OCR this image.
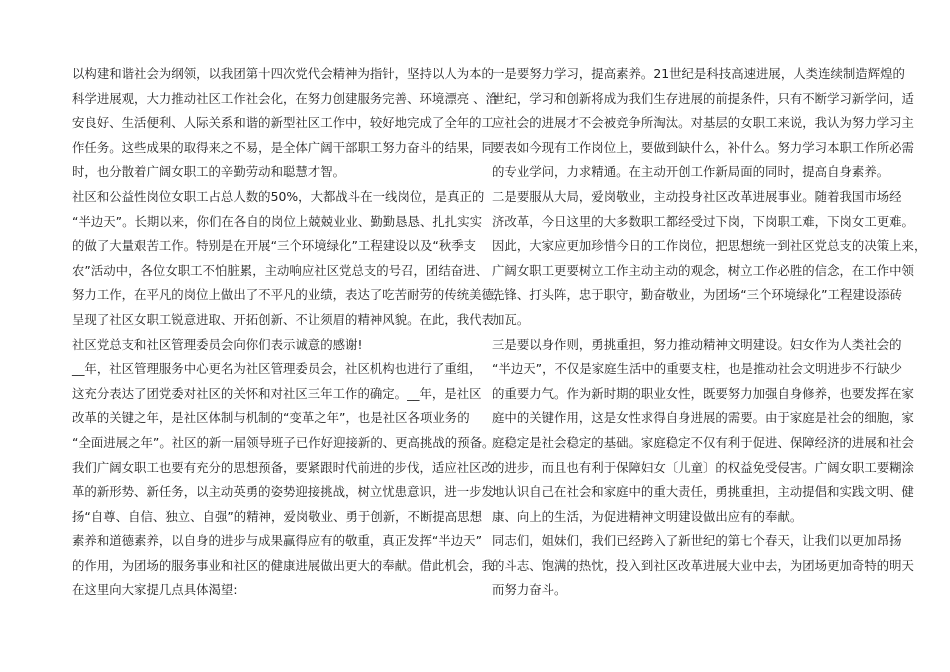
以构建和谐社会为纲领，以我团第十四次党代会精神为指针，坚持以人为本的
科学进展观，大力推动社区工作社会化，在努力创建服务完善、环境漂亮 、治
安良好、生活便利、人际关系和谐的新型社区工作中，较好地完成了全年的工
作任务。这些成果的取得来之不易，是全体广阔干部职工努力奋斗的结果，同
时，也分散着广阔女职工的辛勤劳动和聪慧才智。
社区和公益性岗位女职工占总人数的50%，大都战斗在一线岗位，是真正的
“半边天”。长期以来，你们在各自的岗位上兢兢业业、勤勤恳恳、扎扎实实
的做了大量艰苦工作。特别是在开展“三个环境绿化”工程建设以及“秋季支
农”活动中，各位女职工不怕脏累，主动响应社区党总支的号召，团结奋进、
努力工作，在平凡的岗位上做出了不平凡的业绩，表达了吃苦耐劳的传统美德，
呈现了社区女职工锐意进取、开拓创新、不让须眉的精神风貌。在此，我代表
社区党总支和社区管理委员会向你们表示诚意的感谢!
__年，社区管理服务中心更名为社区管理委员会，社区机构也进行了重组，
这充分表达了团党委对社区的关怀和对社区三年工作的确定。__年，是社区
改革的关键之年，是社区体制与机制的“变革之年”，也是社区各项业务的
“全面进展之年”。社区的新一届领导班子已作好迎接新的、更高挑战的预备。
我们广阔女职工也要有充分的思想预备，要紧跟时代前进的步伐，适应社区改
革的新形势、新任务，以主动英勇的姿势迎接挑战，树立忧患意识，进一步发
扬“自尊、自信、独立、自强”的精神，爱岗敬业、勇于创新，不断提高思想
素养和道德素养，以自身的进步与成果赢得应有的敬重，真正发挥“半边天”
的作用，为团场的服务事业和社区的健康进展做出更大的奉献。借此机会，我
在这里向大家提几点具体渴望:
一是要努力学习，提高素养。21世纪是科技高速进展，人类连续制造辉煌的
世纪，学习和创新将成为我们生存进展的前提条件，只有不断学习新学问，适
应社会的进展才不会被竞争所淘汰。对基层的女职工来说，我认为努力学习主
要表如今现有工作岗位上，要做到缺什么，补什么。努力学习本职工作所必需
的专业学问，力求精通。在主动开创工作新局面的同时，提高自身素养。
二是要服从大局，爱岗敬业，主动投身社区改革进展事业。随着我国市场经
济改革，今日这里的大多数职工都经受过下岗，下岗职工难，下岗女工更难。
因此，大家应更加珍惜今日的工作岗位，把思想统一到社区党总支的决策上来，
广阔女职工更要树立工作主动主动的观念，树立工作必胜的信念，在工作中领
先锋、打头阵，忠于职守，勤奋敬业，为团场“三个环境绿化”工程建设添砖
加瓦。
三是要以身作则，勇挑重担，努力推动精神文明建设。妇女作为人类社会的
“半边天”，不仅是家庭生活中的重要支柱，也是推动社会文明进步不行缺少
的重要力气。作为新时期的职业女性，既要努力加强自身修养，也要发挥在家
庭中的关键作用，这是女性求得自身进展的需要。由于家庭是社会的细胞，家
庭稳定是社会稳定的基础。家庭稳定不仅有利于促进、保障经济的进展和社会
的进步，而且也有利于保障妇女〔儿童〕的权益免受侵害。广阔女职工要糊涂
地认识自己在社会和家庭中的重大责任，勇挑重担，主动提倡和实践文明、健
康、向上的生活，为促进精神文明建设做出应有的奉献。
同志们，姐妹们，我们已经跨入了新世纪的第七个春天，让我们以更加昂扬
的斗志、饱满的热忱，投入到社区改革进展大业中去，为团场更加奇特的明天
而努力奋斗。
